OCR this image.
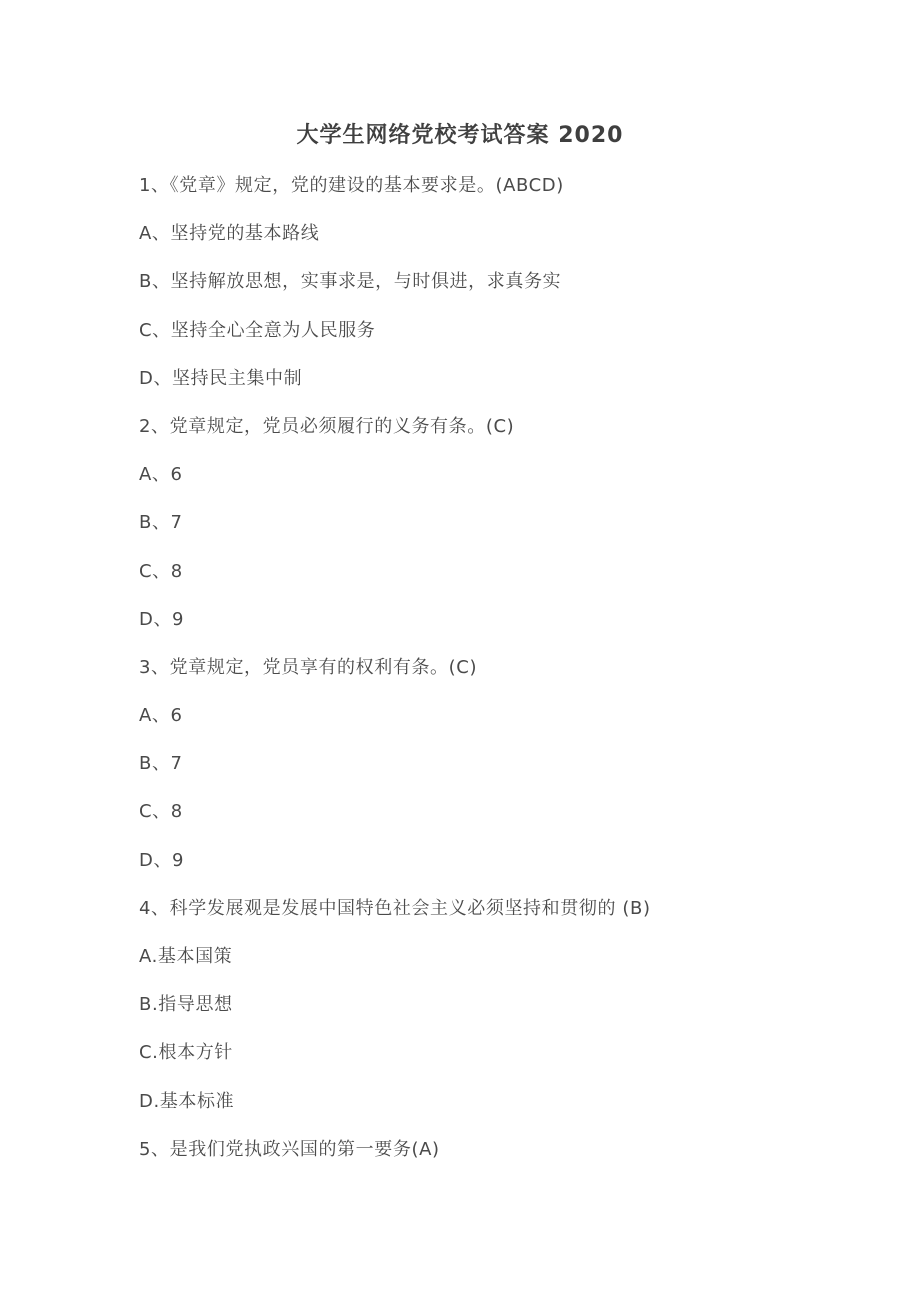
大学生网络党校考试答案 2020
1、《党章》规定，党的建设的基本要求是。(ABCD)
A、坚持党的基本路线
B、坚持解放思想，实事求是，与时俱进，求真务实
C、坚持全心全意为人民服务
D、坚持民主集中制
2、党章规定，党员必须履行的义务有条。(C)
A、6
B、7
C、8
D、9
3、党章规定，党员享有的权利有条。(C)
A、6
B、7
C、8
D、9
4、科学发展观是发展中国特色社会主义必须坚持和贯彻的 (B)
A.基本国策
B.指导思想
C.根本方针
D.基本标准
5、是我们党执政兴国的第一要务(A)
